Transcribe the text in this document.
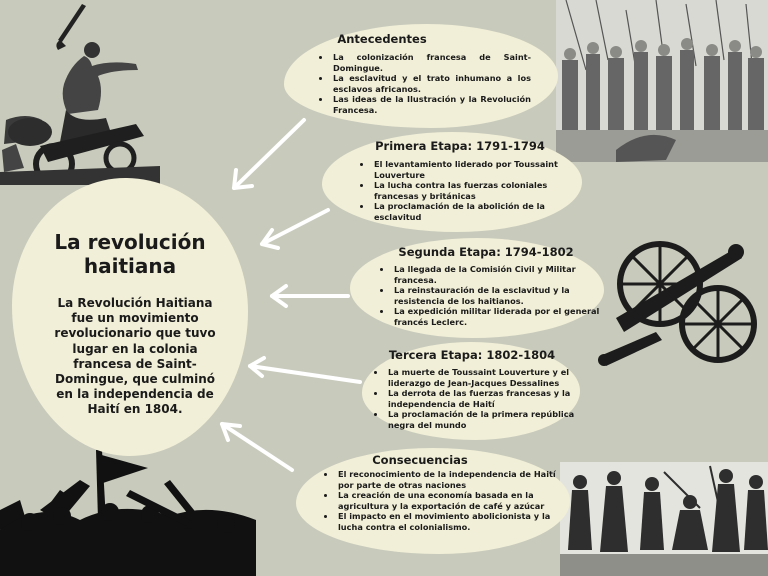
La revolución haitiana
La Revolución Haitiana fue un movimiento revolucionario que tuvo lugar en la colonia francesa de Saint-Domingue, que culminó en la independencia de Haití en 1804.
Antecedentes
• La colonización francesa de Saint-Domingue.
• La esclavitud y el trato inhumano a los esclavos africanos.
• Las ideas de la Ilustración y la Revolución Francesa.
Primera Etapa: 1791-1794
• El levantamiento liderado por Toussaint Louverture
• La lucha contra las fuerzas coloniales francesas y británicas
• La proclamación de la abolición de la esclavitud
Segunda Etapa: 1794-1802
• La llegada de la Comisión Civil y Militar francesa.
• La reinstauración de la esclavitud y la resistencia de los haitianos.
• La expedición militar liderada por el general francés Leclerc.
Tercera Etapa: 1802-1804
• La muerte de Toussaint Louverture y el liderazgo de Jean-Jacques Dessalines
• La derrota de las fuerzas francesas y la independencia de Haití
• La proclamación de la primera república negra del mundo
Consecuencias
• El reconocimiento de la independencia de Haití por parte de otras naciones
• La creación de una economía basada en la agricultura y la exportación de café y azúcar
• El impacto en el movimiento abolicionista y la lucha contra el colonialismo.
